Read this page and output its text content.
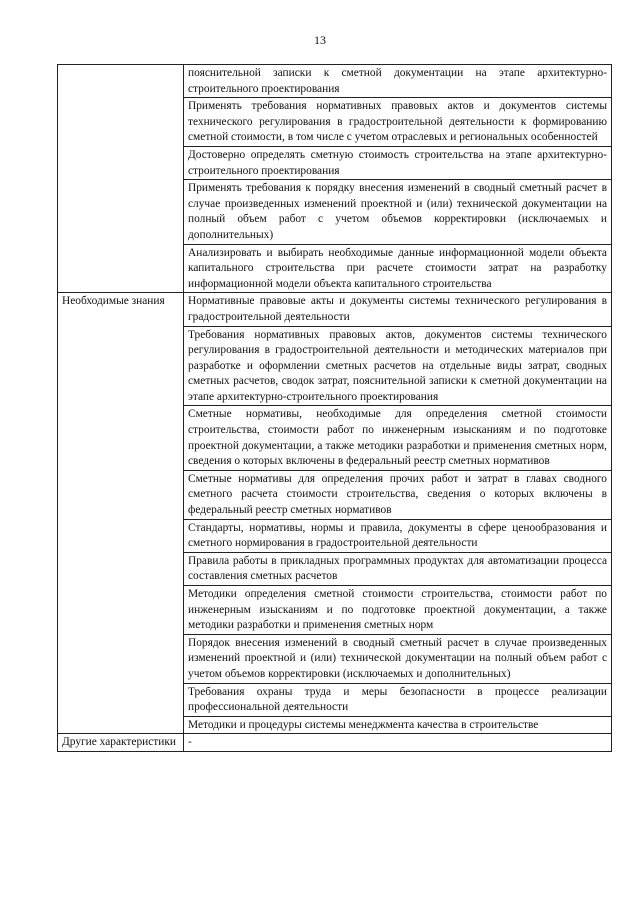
13
	пояснительной записки к сметной документации на этапе архитектурно-строительного проектирования
	Применять требования нормативных правовых актов и документов системы технического регулирования в градостроительной деятельности к формированию сметной стоимости, в том числе с учетом отраслевых и региональных особенностей
	Достоверно определять сметную стоимость строительства на этапе архитектурно-строительного проектирования
	Применять требования к порядку внесения изменений в сводный сметный расчет в случае произведенных изменений проектной и (или) технической документации на полный объем работ с учетом объемов корректировки (исключаемых и дополнительных)
	Анализировать и выбирать необходимые данные информационной модели объекта капитального строительства при расчете стоимости затрат на разработку информационной модели объекта капитального строительства
Необходимые знания	Нормативные правовые акты и документы системы технического регулирования в градостроительной деятельности
	Требования нормативных правовых актов, документов системы технического регулирования в градостроительной деятельности и методических материалов при разработке и оформлении сметных расчетов на отдельные виды затрат, сводных сметных расчетов, сводок затрат, пояснительной записки к сметной документации на этапе архитектурно-строительного проектирования
	Сметные нормативы, необходимые для определения сметной стоимости строительства, стоимости работ по инженерным изысканиям и по подготовке проектной документации, а также методики разработки и применения сметных норм, сведения о которых включены в федеральный реестр сметных нормативов
	Сметные нормативы для определения прочих работ и затрат в главах сводного сметного расчета стоимости строительства, сведения о которых включены в федеральный реестр сметных нормативов
	Стандарты, нормативы, нормы и правила, документы в сфере ценообразования и сметного нормирования в градостроительной деятельности
	Правила работы в прикладных программных продуктах для автоматизации процесса составления сметных расчетов
	Методики определения сметной стоимости строительства, стоимости работ по инженерным изысканиям и по подготовке проектной документации, а также методики разработки и применения сметных норм
	Порядок внесения изменений в сводный сметный расчет в случае произведенных изменений проектной и (или) технической документации на полный объем работ с учетом объемов корректировки (исключаемых и дополнительных)
	Требования охраны труда и меры безопасности в процессе реализации профессиональной деятельности
	Методики и процедуры системы менеджмента качества в строительстве
Другие характеристики	-
